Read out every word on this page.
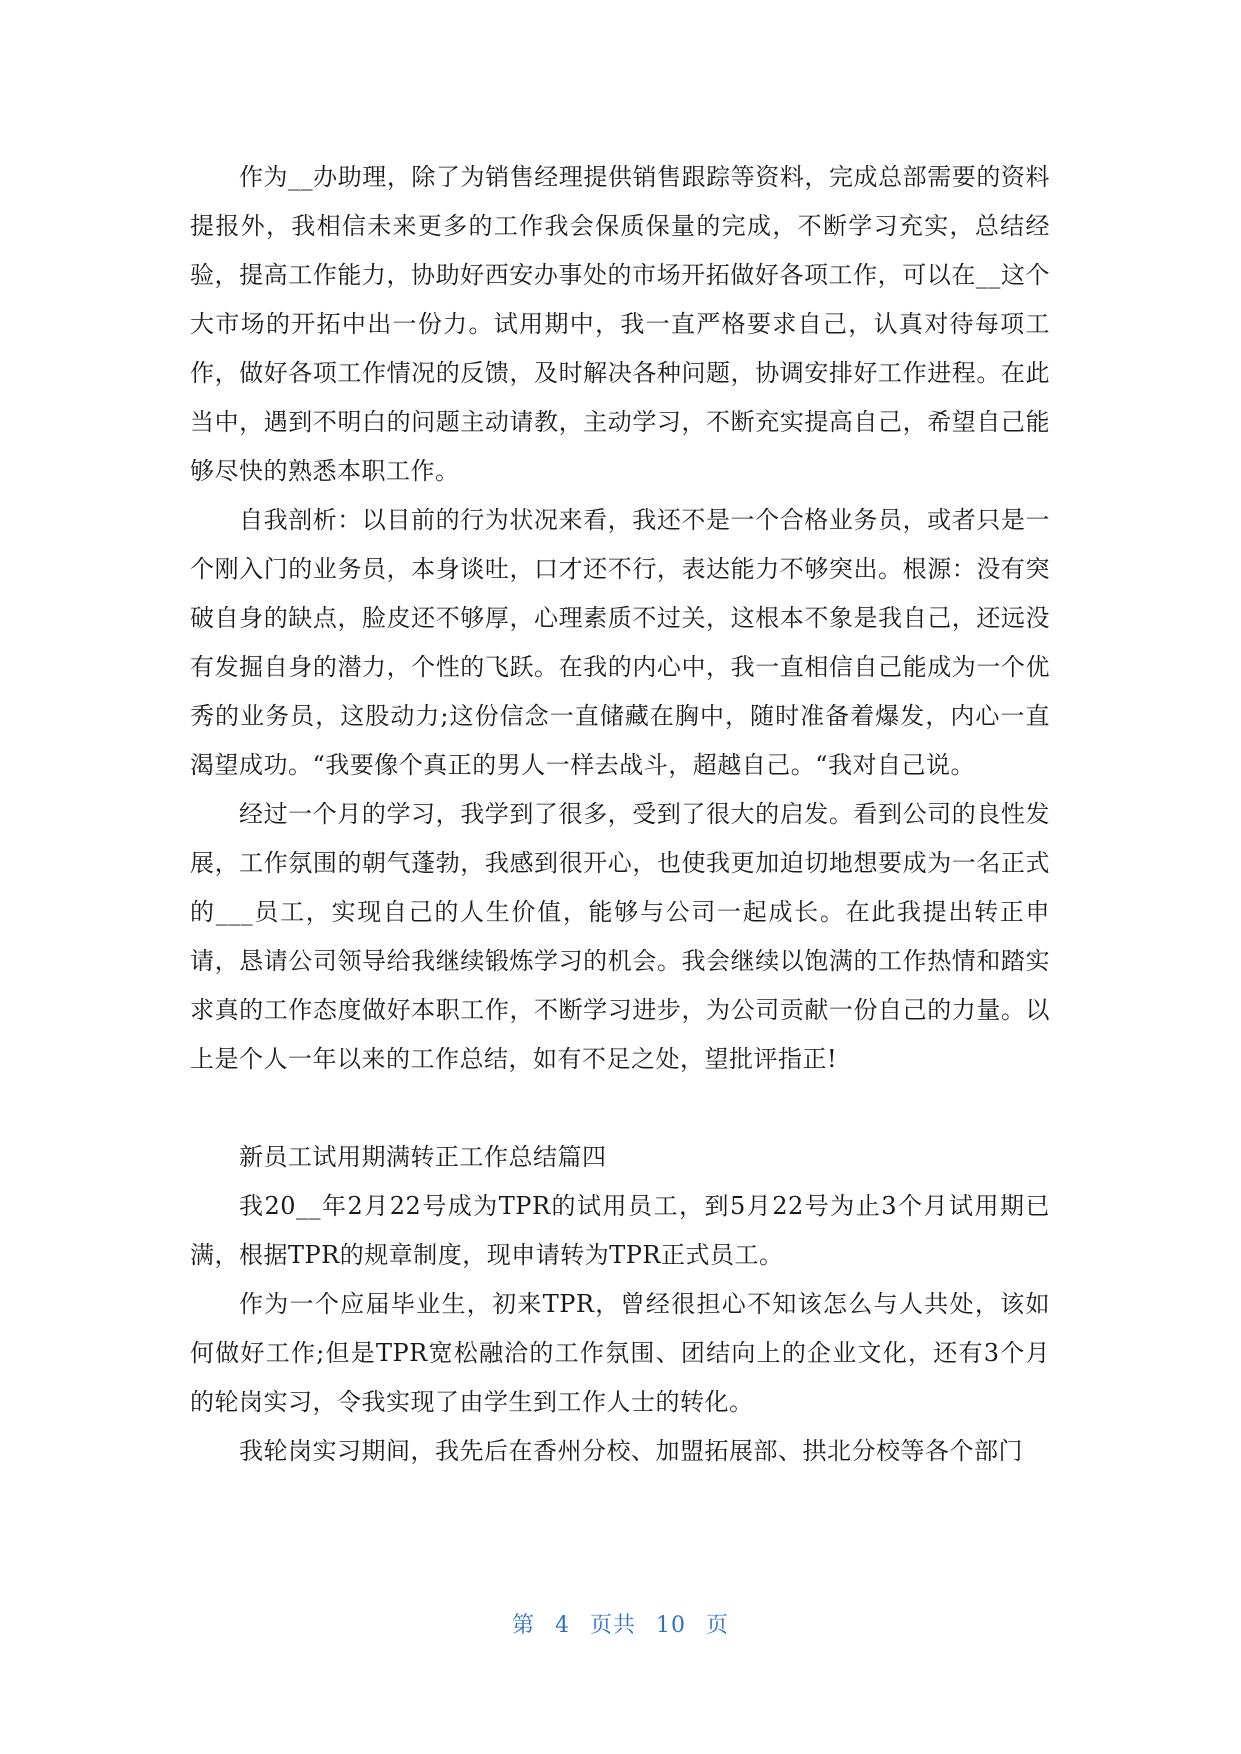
作为__办助理，除了为销售经理提供销售跟踪等资料，完成总部需要的资料提报外，我相信未来更多的工作我会保质保量的完成，不断学习充实，总结经验，提高工作能力，协助好西安办事处的市场开拓做好各项工作，可以在__这个大市场的开拓中出一份力。试用期中，我一直严格要求自己，认真对待每项工作，做好各项工作情况的反馈，及时解决各种问题，协调安排好工作进程。在此当中，遇到不明白的问题主动请教，主动学习，不断充实提高自己，希望自己能够尽快的熟悉本职工作。

自我剖析：以目前的行为状况来看，我还不是一个合格业务员，或者只是一个刚入门的业务员，本身谈吐，口才还不行，表达能力不够突出。根源：没有突破自身的缺点，脸皮还不够厚，心理素质不过关，这根本不象是我自己，还远没有发掘自身的潜力，个性的飞跃。在我的内心中，我一直相信自己能成为一个优秀的业务员，这股动力;这份信念一直储藏在胸中，随时准备着爆发，内心一直渴望成功。“我要像个真正的男人一样去战斗，超越自己。“我对自己说。

经过一个月的学习，我学到了很多，受到了很大的启发。看到公司的良性发展，工作氛围的朝气蓬勃，我感到很开心，也使我更加迫切地想要成为一名正式的___员工，实现自己的人生价值，能够与公司一起成长。在此我提出转正申请，恳请公司领导给我继续锻炼学习的机会。我会继续以饱满的工作热情和踏实求真的工作态度做好本职工作，不断学习进步，为公司贡献一份自己的力量。以上是个人一年以来的工作总结，如有不足之处，望批评指正!

新员工试用期满转正工作总结篇四

我20__年2月22号成为TPR的试用员工，到5月22号为止3个月试用期已满，根据TPR的规章制度，现申请转为TPR正式员工。

作为一个应届毕业生，初来TPR，曾经很担心不知该怎么与人共处，该如何做好工作;但是TPR宽松融洽的工作氛围、团结向上的企业文化，还有3个月的轮岗实习，令我实现了由学生到工作人士的转化。

我轮岗实习期间，我先后在香州分校、加盟拓展部、拱北分校等各个部门

第 4 页共 10 页
